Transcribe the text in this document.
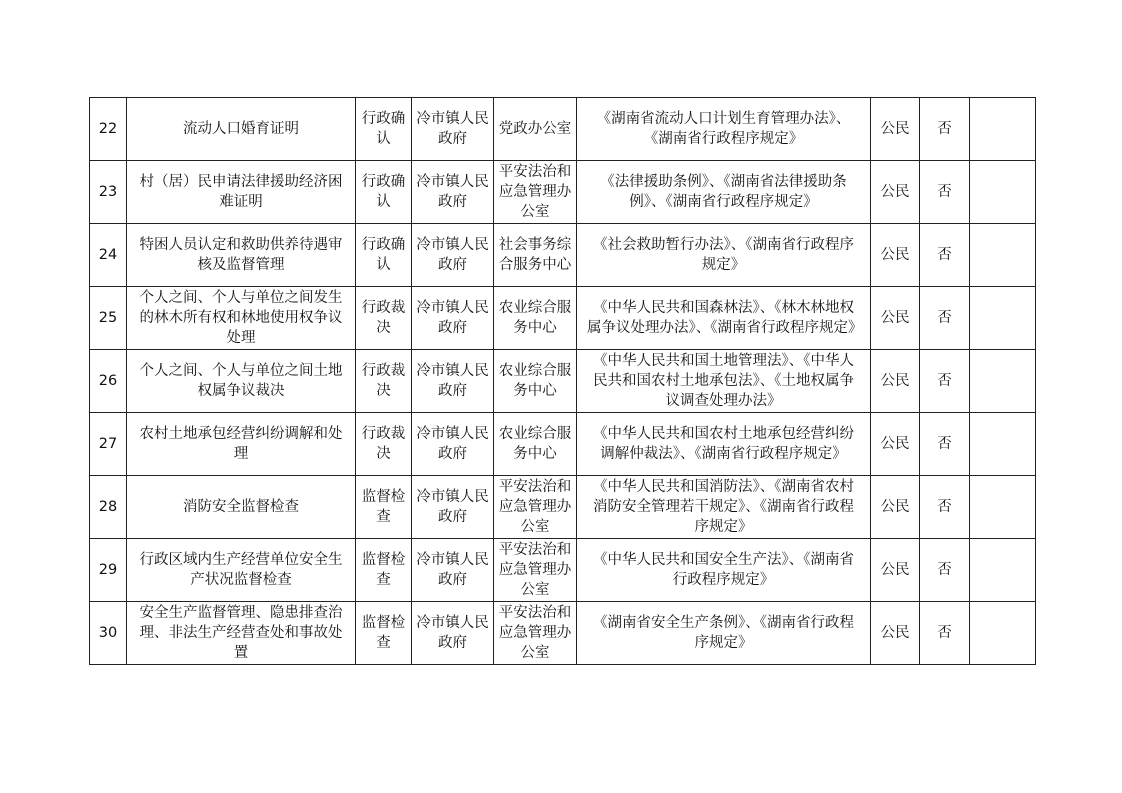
22	流动人口婚育证明	行政确认	冷市镇人民政府	党政办公室	《湖南省流动人口计划生育管理办法》、《湖南省行政程序规定》	公民	否	
23	村（居）民申请法律援助经济困难证明	行政确认	冷市镇人民政府	平安法治和应急管理办公室	《法律援助条例》、《湖南省法律援助条例》、《湖南省行政程序规定》	公民	否	
24	特困人员认定和救助供养待遇审核及监督管理	行政确认	冷市镇人民政府	社会事务综合服务中心	《社会救助暂行办法》、《湖南省行政程序规定》	公民	否	
25	个人之间、个人与单位之间发生的林木所有权和林地使用权争议处理	行政裁决	冷市镇人民政府	农业综合服务中心	《中华人民共和国森林法》、《林木林地权属争议处理办法》、《湖南省行政程序规定》	公民	否	
26	个人之间、个人与单位之间土地权属争议裁决	行政裁决	冷市镇人民政府	农业综合服务中心	《中华人民共和国土地管理法》、《中华人民共和国农村土地承包法》、《土地权属争议调查处理办法》	公民	否	
27	农村土地承包经营纠纷调解和处理	行政裁决	冷市镇人民政府	农业综合服务中心	《中华人民共和国农村土地承包经营纠纷调解仲裁法》、《湖南省行政程序规定》	公民	否	
28	消防安全监督检查	监督检查	冷市镇人民政府	平安法治和应急管理办公室	《中华人民共和国消防法》、《湖南省农村消防安全管理若干规定》、《湖南省行政程序规定》	公民	否	
29	行政区域内生产经营单位安全生产状况监督检查	监督检查	冷市镇人民政府	平安法治和应急管理办公室	《中华人民共和国安全生产法》、《湖南省行政程序规定》	公民	否	
30	安全生产监督管理、隐患排查治理、非法生产经营查处和事故处置	监督检查	冷市镇人民政府	平安法治和应急管理办公室	《湖南省安全生产条例》、《湖南省行政程序规定》	公民	否	
